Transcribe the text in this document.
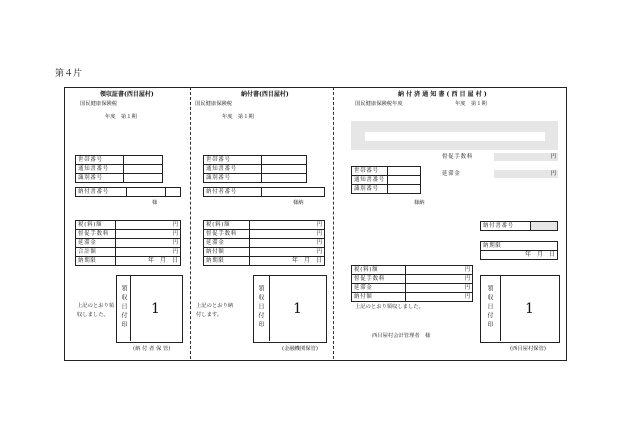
第４片
領収証書(西目屋村)
国民健康保険税
年度　第１期
世帯番号	
通知書番号	
識別番号	
納付書番号		
様
税(料)額	円
督促手数料	円
延滞金	円
合計額	円
納期限	年　月　日
領収日付印 1
上記のとおり領収しました。
(納 付 者 保 管)
納付書(西目屋村)
国民健康保険税
年度　第１期
世帯番号	
通知書番号	
識別番号	
納付者番号	
様納
税(料)額	円
督促手数料	円
延滞金	円
納付額	円
納期限	年　月　日
領収日付印 1
上記のとおり納付します。
(金融機関保管)
納 付 済 通 知 書 ( 西 目 屋 村 )
国民健康保険税年度	年度　第１期
督促手数料	円

延滞金	円
世帯番号	
通知書番号	
識別番号	
様納
納付書番号	
納期限	
年　月　日
税(料)額	円
督促手数料	円
延滞金	円
納付額	円
上記のとおり領収しました。
西目屋村会計管理者　様
領収日付印 1
(西目屋村保管)
